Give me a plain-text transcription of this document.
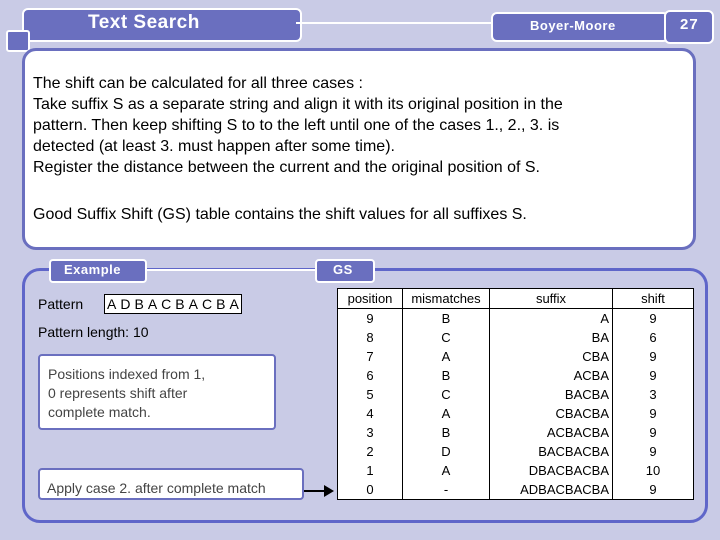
Text Search	Boyer-Moore	27
The shift can be calculated for all three cases :
Take suffix S as a separate string and align it with its original position in the
pattern. Then keep shifting S to to the left until one of the cases 1., 2., 3. is
detected (at least 3. must happen after some time).
Register the distance between the current and the original position of S.
Good Suffix Shift (GS) table contains the shift values for all suffixes S.
Example	GS
Pattern A D B A C B A C B A
Pattern length: 10
Positions indexed from 1,
0 represents shift after
complete match.
Apply case 2. after complete match
position	mismatches	suffix	shift
9	B	A	9
8	C	BA	6
7	A	CBA	9
6	B	ACBA	9
5	C	BACBA	3
4	A	CBACBA	9
3	B	ACBACBA	9
2	D	BACBACBA	9
1	A	DBACBACBA	10
0	-	ADBACBACBA	9
